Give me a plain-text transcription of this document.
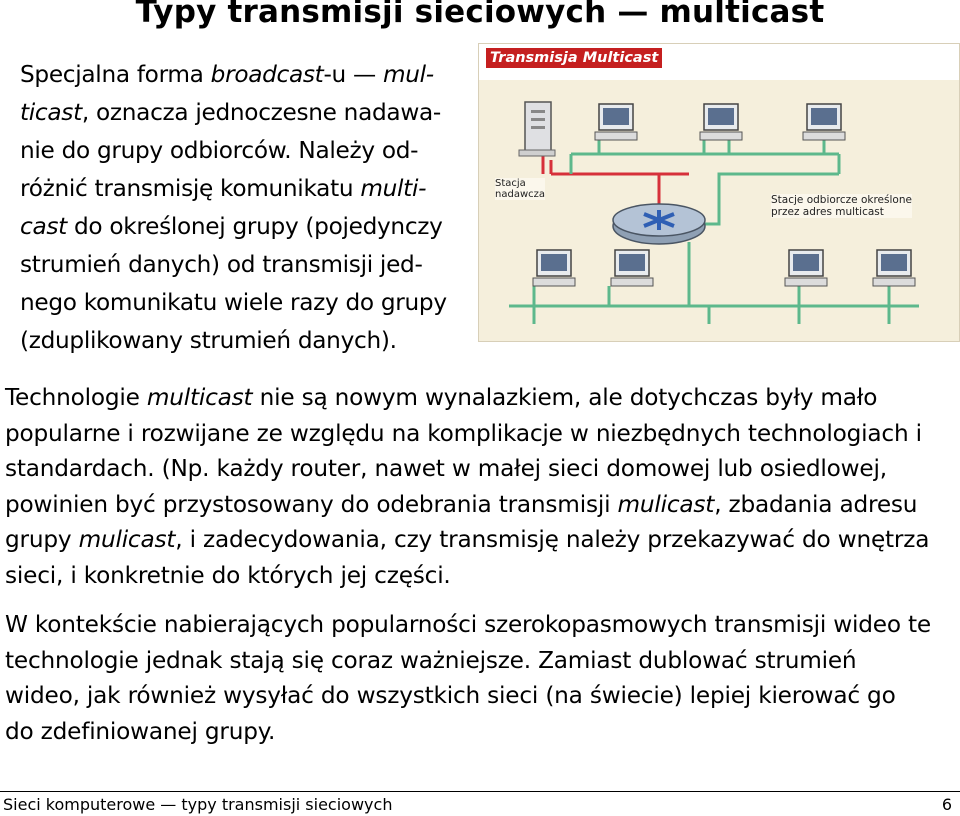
Typy transmisji sieciowych — multicast
Specjalna forma broadcast-u — mul-
ticast, oznacza jednoczesne nadawa-
nie do grupy odbiorców. Należy od-
różnić transmisję komunikatu multi-
cast do określonej grupy (pojedynczy
strumień danych) od transmisji jed-
nego komunikatu wiele razy do grupy
(zduplikowany strumień danych).
Transmisja Multicast
Stacja
nadawcza	Stacje odbiorcze określone
przez adres multicast
Technologie multicast nie są nowym wynalazkiem, ale dotychczas były mało
popularne i rozwijane ze względu na komplikacje w niezbędnych technologiach i
standardach. (Np. każdy router, nawet w małej sieci domowej lub osiedlowej,
powinien być przystosowany do odebrania transmisji mulicast, zbadania adresu
grupy mulicast, i zadecydowania, czy transmisję należy przekazywać do wnętrza
sieci, i konkretnie do których jej części.
W kontekście nabierających popularności szerokopasmowych transmisji wideo te
technologie jednak stają się coraz ważniejsze. Zamiast dublować strumień
wideo, jak również wysyłać do wszystkich sieci (na świecie) lepiej kierować go
do zdefiniowanej grupy.
Sieci komputerowe — typy transmisji sieciowych	6
